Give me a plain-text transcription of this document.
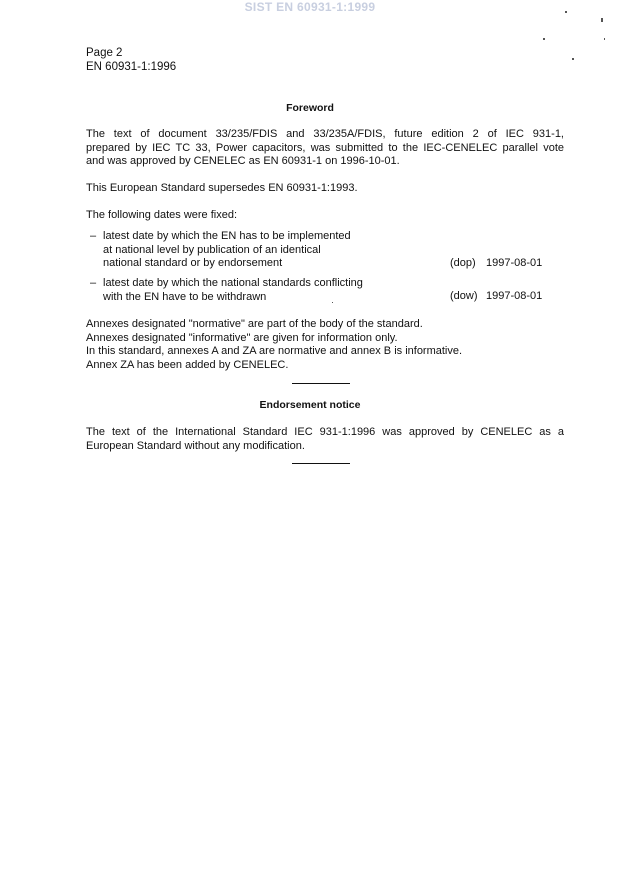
SIST EN 60931-1:1999
Page 2
EN 60931-1:1996
Foreword
The text of document 33/235/FDIS and 33/235A/FDIS, future edition 2 of IEC 931-1,
prepared by IEC TC 33, Power capacitors, was submitted to the IEC-CENELEC parallel vote
and was approved by CENELEC as EN 60931-1 on 1996-10-01.
This European Standard supersedes EN 60931-1:1993.
The following dates were fixed:
– latest date by which the EN has to be implemented
at national level by publication of an identical
national standard or by endorsement	(dop) 1997-08-01
– latest date by which the national standards conflicting
with the EN have to be withdrawn	(dow) 1997-08-01
Annexes designated "normative" are part of the body of the standard.
Annexes designated "informative" are given for information only.
In this standard, annexes A and ZA are normative and annex B is informative.
Annex ZA has been added by CENELEC.
Endorsement notice
The text of the International Standard IEC 931-1:1996 was approved by CENELEC as a
European Standard without any modification.
